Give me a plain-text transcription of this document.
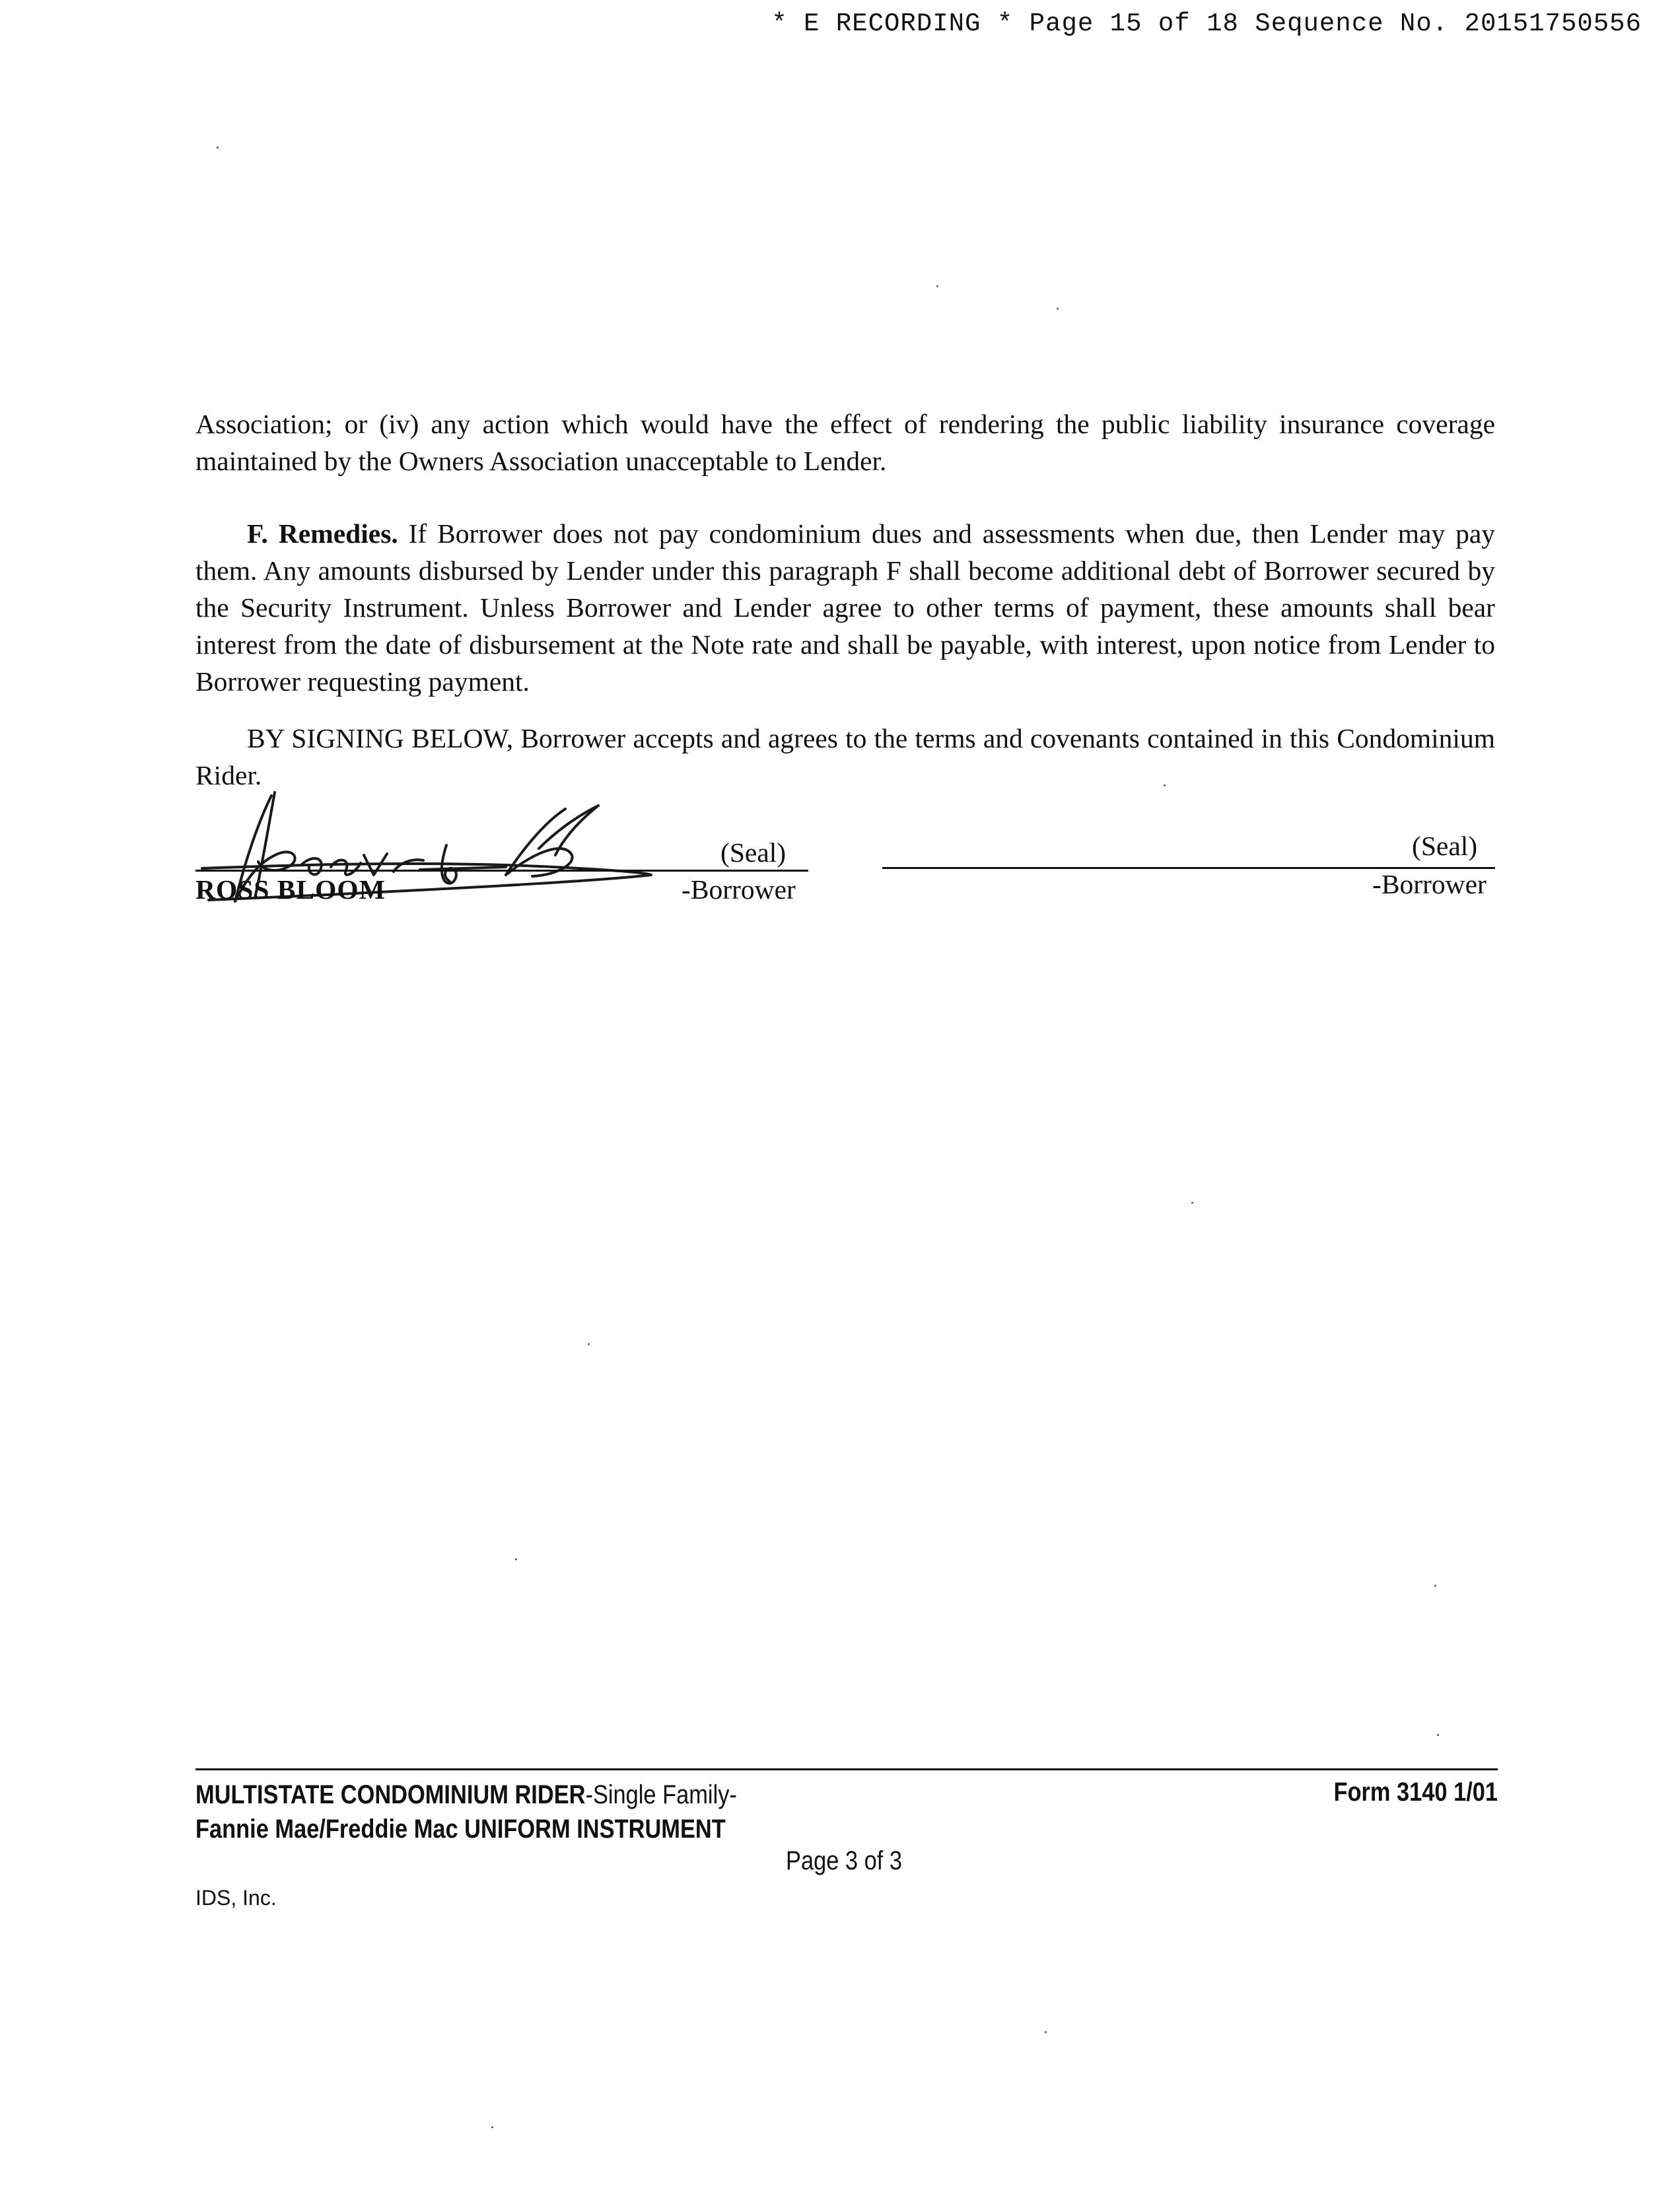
* E RECORDING * Page 15 of 18 Sequence No. 20151750556

Association; or (iv) any action which would have the effect of rendering the public liability insurance coverage maintained by the Owners Association unacceptable to Lender.

F. Remedies. If Borrower does not pay condominium dues and assessments when due, then Lender may pay them. Any amounts disbursed by Lender under this paragraph F shall become additional debt of Borrower secured by the Security Instrument. Unless Borrower and Lender agree to other terms of payment, these amounts shall bear interest from the date of disbursement at the Note rate and shall be payable, with interest, upon notice from Lender to Borrower requesting payment.

BY SIGNING BELOW, Borrower accepts and agrees to the terms and covenants contained in this Condominium Rider.

(Seal)
ROSS BLOOM	-Borrower
(Seal)
-Borrower
MULTISTATE CONDOMINIUM RIDER-Single Family-
Fannie Mae/Freddie Mac UNIFORM INSTRUMENT
Form 3140 1/01
Page 3 of 3
IDS, Inc.
